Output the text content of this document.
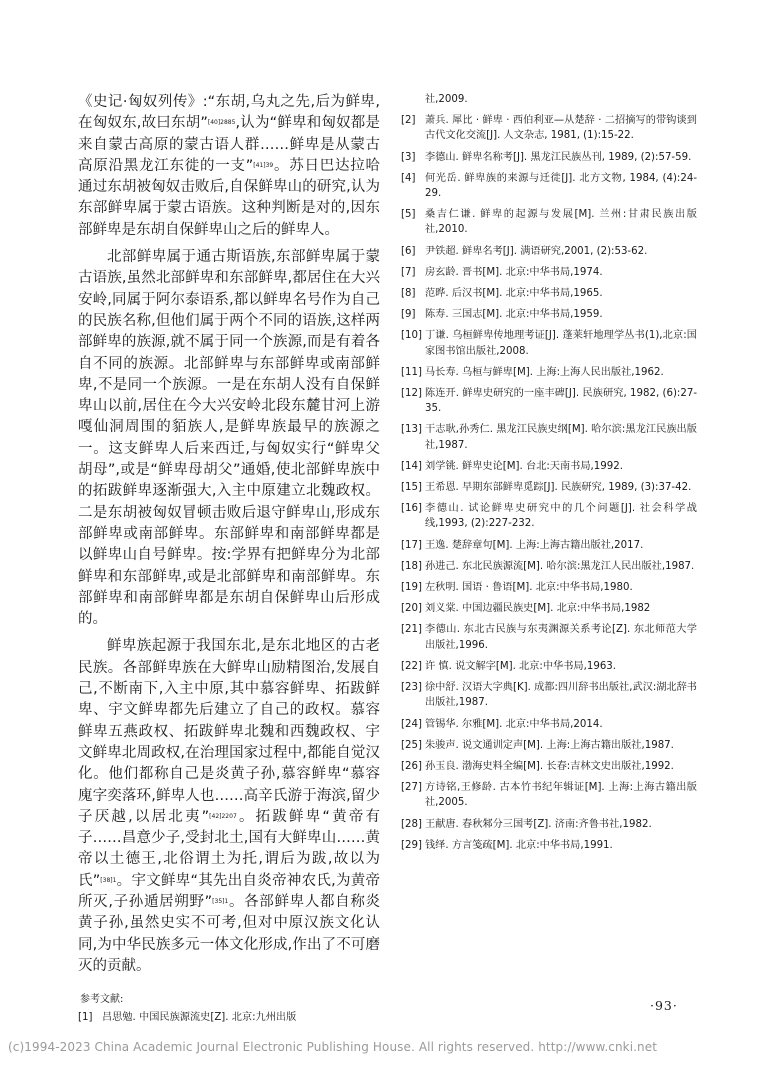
《史记·匈奴列传》:“东胡,乌丸之先,后为鲜卑,在匈奴东,故曰东胡”$^{[40]2885}$,认为“鲜卑和匈奴都是来自蒙古高原的蒙古语人群……鲜卑是从蒙古高原沿黑龙江东徙的一支”$^{[41]39}$。苏日巴达拉哈通过东胡被匈奴击败后,自保鲜卑山的研究,认为东部鲜卑属于蒙古语族。这种判断是对的,因东部鲜卑是东胡自保鲜卑山之后的鲜卑人。

北部鲜卑属于通古斯语族,东部鲜卑属于蒙古语族,虽然北部鲜卑和东部鲜卑,都居住在大兴安岭,同属于阿尔泰语系,都以鲜卑名号作为自己的民族名称,但他们属于两个不同的语族,这样两部鲜卑的族源,就不属于同一个族源,而是有着各自不同的族源。北部鲜卑与东部鲜卑或南部鲜卑,不是同一个族源。一是在东胡人没有自保鲜卑山以前,居住在今大兴安岭北段东麓甘河上游嘎仙洞周围的貊族人,是鲜卑族最早的族源之一。这支鲜卑人后来西迁,与匈奴实行“鲜卑父胡母”,或是“鲜卑母胡父”通婚,使北部鲜卑族中的拓跋鲜卑逐渐强大,入主中原建立北魏政权。二是东胡被匈奴冒顿击败后退守鲜卑山,形成东部鲜卑或南部鲜卑。东部鲜卑和南部鲜卑都是以鲜卑山自号鲜卑。按:学界有把鲜卑分为北部鲜卑和东部鲜卑,或是北部鲜卑和南部鲜卑。东部鲜卑和南部鲜卑都是东胡自保鲜卑山后形成的。

鲜卑族起源于我国东北,是东北地区的古老民族。各部鲜卑族在大鲜卑山励精图治,发展自己,不断南下,入主中原,其中慕容鲜卑、拓跋鲜卑、宇文鲜卑都先后建立了自己的政权。慕容鲜卑五燕政权、拓跋鲜卑北魏和西魏政权、宇文鲜卑北周政权,在治理国家过程中,都能自觉汉化。他们都称自己是炎黄子孙,慕容鲜卑“慕容廆字奕落环,鲜卑人也……高辛氏游于海滨,留少子厌越,以居北夷”$^{[42]2207}$。拓跋鲜卑“黄帝有子……昌意少子,受封北土,国有大鲜卑山……黄帝以土德王,北俗谓土为托,谓后为跋,故以为氏”$^{[38]1}$。宇文鲜卑“其先出自炎帝神农氏,为黄帝所灭,子孙遁居朔野”$^{[35]1}$。各部鲜卑人都自称炎黄子孙,虽然史实不可考,但对中原汉族文化认同,为中华民族多元一体文化形成,作出了不可磨灭的贡献。

参考文献:
[1] 吕思勉. 中国民族源流史[Z]. 北京:九州出版
社,2009.
[2] 萧兵. 犀比 · 鲜卑 · 西伯利亚—从楚辞 · 二招摘写的带钩谈到古代文化交流[J]. 人文杂志, 1981, (1):15-22.
[3] 李德山. 鲜卑名称考[J]. 黑龙江民族丛刊, 1989, (2):57-59.
[4] 何光岳. 鲜卑族的来源与迁徙[J]. 北方文物, 1984, (4):24-29.
[5] 桑吉仁谦. 鲜卑的起源与发展[M]. 兰州:甘肃民族出版社,2010.
[6] 尹铁超. 鲜卑名考[J]. 满语研究,2001, (2):53-62.
[7] 房玄龄. 晋书[M]. 北京:中华书局,1974.
[8] 范晔. 后汉书[M]. 北京:中华书局,1965.
[9] 陈寿. 三国志[M]. 北京:中华书局,1959.
[10] 丁谦. 乌桓鲜卑传地理考证[J]. 蓬莱轩地理学丛书(1),北京:国家图书馆出版社,2008.
[11] 马长寿. 乌桓与鲜卑[M]. 上海:上海人民出版社,1962.
[12] 陈连开. 鲜卑史研究的一座丰碑[J]. 民族研究, 1982, (6):27-35.
[13] 干志耿,孙秀仁. 黑龙江民族史纲[M]. 哈尔滨:黑龙江民族出版社,1987.
[14] 刘学铫. 鲜卑史论[M]. 台北:天南书局,1992.
[15] 王希恩. 早期东部鲜卑觅踪[J]. 民族研究, 1989, (3):37-42.
[16] 李德山. 试论鲜卑史研究中的几个问题[J]. 社会科学战线,1993, (2):227-232.
[17] 王逸. 楚辞章句[M]. 上海:上海古籍出版社,2017.
[18] 孙进己. 东北民族源流[M]. 哈尔滨:黑龙江人民出版社,1987.
[19] 左秋明. 国语 · 鲁语[M]. 北京:中华书局,1980.
[20] 刘义棠. 中国边疆民族史[M]. 北京:中华书局,1982
[21] 李德山. 东北古民族与东夷渊源关系考论[Z]. 东北师范大学出版社,1996.
[22] 许 慎. 说文解字[M]. 北京:中华书局,1963.
[23] 徐中舒. 汉语大字典[K]. 成都:四川辞书出版社,武汉:湖北辞书出版社,1987.
[24] 管锡华. 尔雅[M]. 北京:中华书局,2014.
[25] 朱骏声. 说文通训定声[M]. 上海:上海古籍出版社,1987.
[26] 孙玉良. 渤海史料全编[M]. 长春:吉林文史出版社,1992.
[27] 方诗铭,王修龄. 古本竹书纪年辑证[M]. 上海:上海古籍出版社,2005.
[28] 王献唐. 春秋邾分三国考[Z]. 济南:齐鲁书社,1982.
[29] 钱绎. 方言笺疏[M]. 北京:中华书局,1991.
·93·
(c)1994-2023 China Academic Journal Electronic Publishing House. All rights reserved. http://www.cnki.net
